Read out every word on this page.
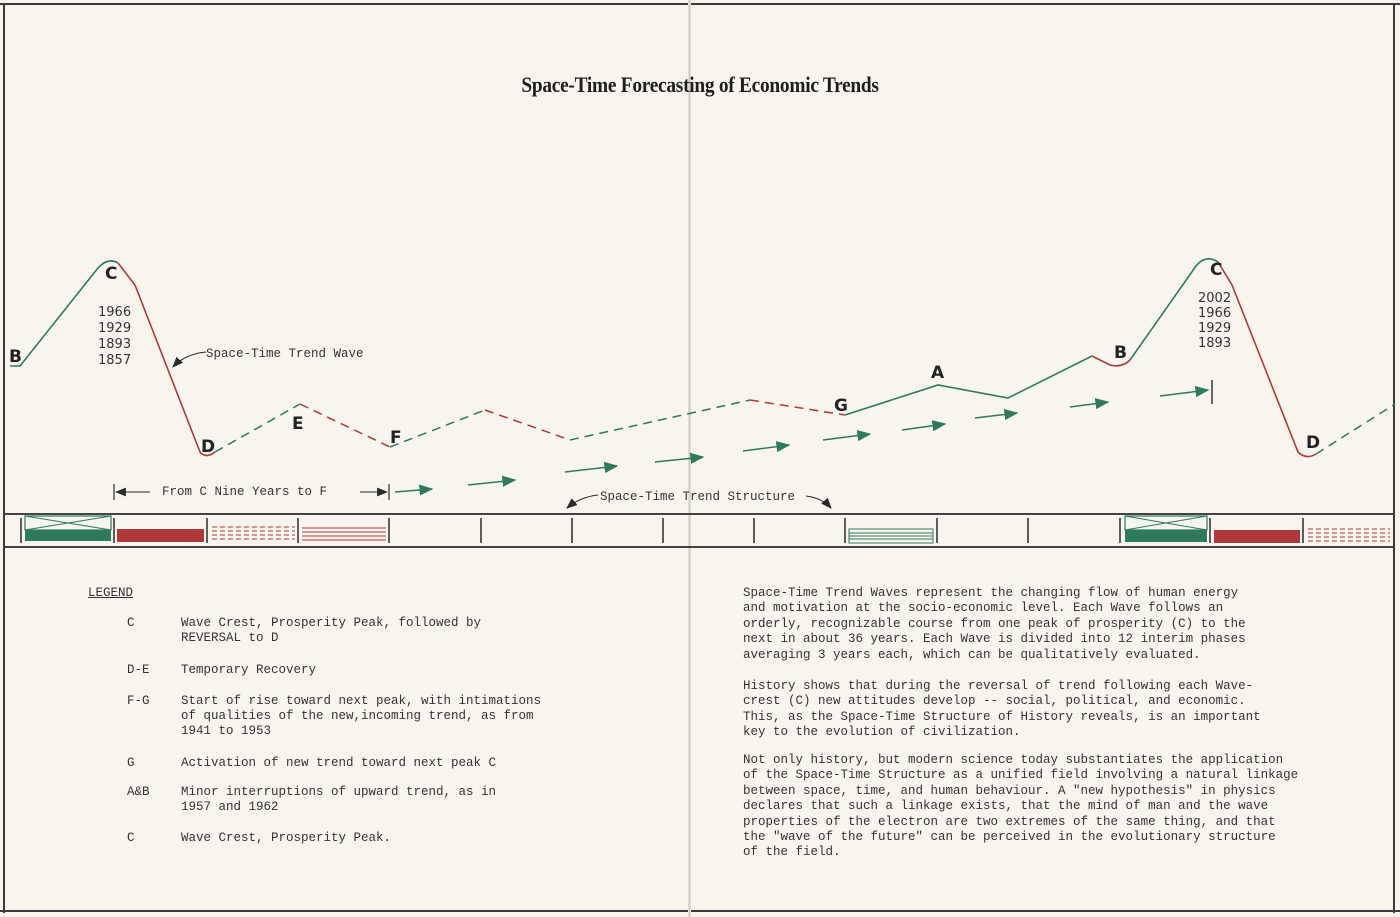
Space-Time Forecasting of Economic Trends
B
C
D
E
F
G
A
B
C
D
1966
1929
1893
1857
2002
1966
1929
1893
Space-Time Trend Wave
From C Nine Years to F	Space-Time Trend Structure
LEGEND
C	Wave Crest, Prosperity Peak, followed by
REVERSAL to D
D-E	Temporary Recovery
F-G	Start of rise toward next peak, with intimations
of qualities of the new,incoming trend, as from
1941 to 1953
G	Activation of new trend toward next peak C
A&B	Minor interruptions of upward trend, as in
1957 and 1962
C	Wave Crest, Prosperity Peak.
Space-Time Trend Waves represent the changing flow of human energy
and motivation at the socio-economic level. Each Wave follows an
orderly, recognizable course from one peak of prosperity (C) to the
next in about 36 years. Each Wave is divided into 12 interim phases
averaging 3 years each, which can be qualitatively evaluated.
History shows that during the reversal of trend following each Wave-
crest (C) new attitudes develop -- social, political, and economic.
This, as the Space-Time Structure of History reveals, is an important
key to the evolution of civilization.
Not only history, but modern science today substantiates the application
of the Space-Time Structure as a unified field involving a natural linkage
between space, time, and human behaviour. A "new hypothesis" in physics
declares that such a linkage exists, that the mind of man and the wave
properties of the electron are two extremes of the same thing, and that
the "wave of the future" can be perceived in the evolutionary structure
of the field.
